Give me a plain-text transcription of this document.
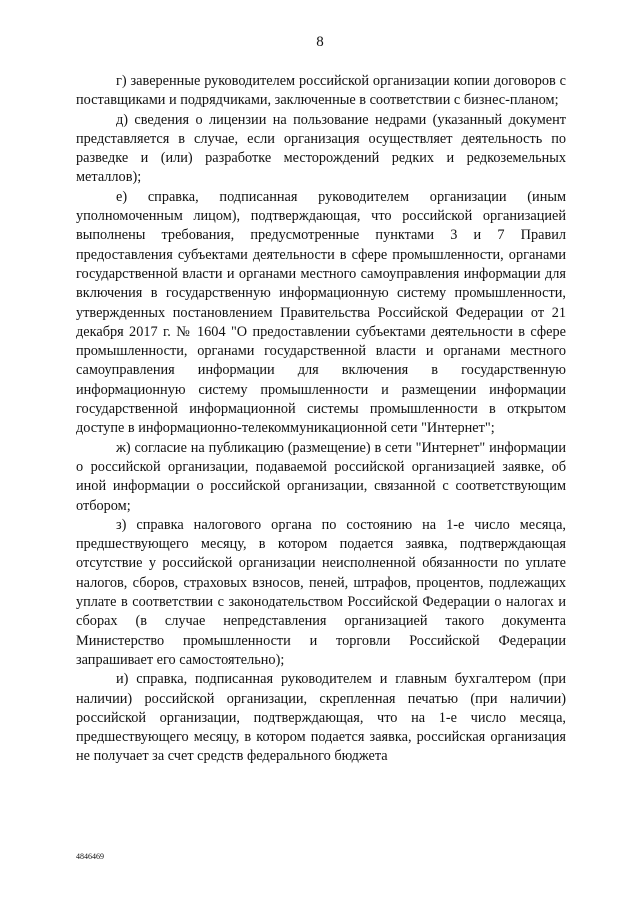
8

г) заверенные руководителем российской организации копии договоров с поставщиками и подрядчиками, заключенные в соответствии с бизнес-планом;

д) сведения о лицензии на пользование недрами (указанный документ представляется в случае, если организация осуществляет деятельность по разведке и (или) разработке месторождений редких и редкоземельных металлов);

е) справка, подписанная руководителем организации (иным уполномоченным лицом), подтверждающая, что российской организацией выполнены требования, предусмотренные пунктами 3 и 7 Правил предоставления субъектами деятельности в сфере промышленности, органами государственной власти и органами местного самоуправления информации для включения в государственную информационную систему промышленности, утвержденных постановлением Правительства Российской Федерации от 21 декабря 2017 г. № 1604 "О предоставлении субъектами деятельности в сфере промышленности, органами государственной власти и органами местного самоуправления информации для включения в государственную информационную систему промышленности и размещении информации государственной информационной системы промышленности в открытом доступе в информационно-телекоммуникационной сети "Интернет";

ж) согласие на публикацию (размещение) в сети "Интернет" информации о российской организации, подаваемой российской организацией заявке, об иной информации о российской организации, связанной с соответствующим отбором;

з) справка налогового органа по состоянию на 1-е число месяца, предшествующего месяцу, в котором подается заявка, подтверждающая отсутствие у российской организации неисполненной обязанности по уплате налогов, сборов, страховых взносов, пеней, штрафов, процентов, подлежащих уплате в соответствии с законодательством Российской Федерации о налогах и сборах (в случае непредставления организацией такого документа Министерство промышленности и торговли Российской Федерации запрашивает его самостоятельно);

и) справка, подписанная руководителем и главным бухгалтером (при наличии) российской организации, скрепленная печатью (при наличии) российской организации, подтверждающая, что на 1-е число месяца, предшествующего месяцу, в котором подается заявка, российская организация не получает за счет средств федерального бюджета

4846469
